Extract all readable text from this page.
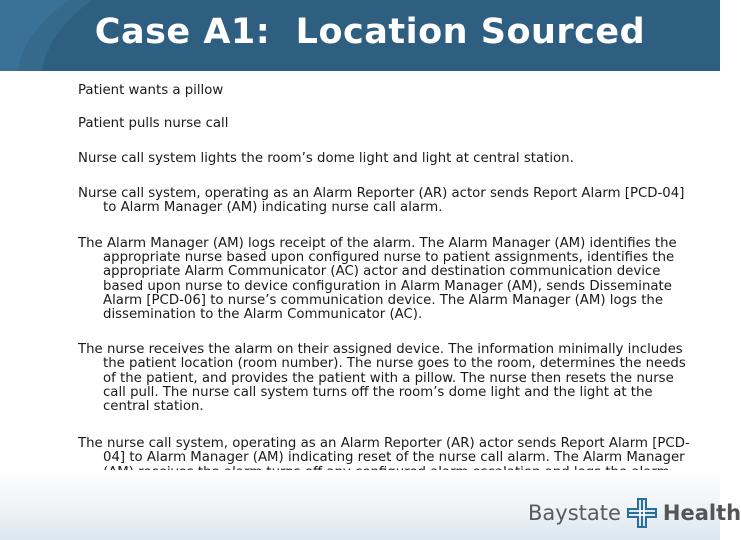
Case A1:  Location Sourced

Patient wants a pillow

Patient pulls nurse call

Nurse call system lights the room’s dome light and light at central station.

Nurse call system, operating as an Alarm Reporter (AR) actor sends Report Alarm [PCD-04] to Alarm Manager (AM) indicating nurse call alarm.

The Alarm Manager (AM) logs receipt of the alarm. The Alarm Manager (AM) identifies the appropriate nurse based upon configured nurse to patient assignments, identifies the appropriate Alarm Communicator (AC) actor and destination communication device based upon nurse to device configuration in Alarm Manager (AM), sends Disseminate Alarm [PCD-06] to nurse’s communication device. The Alarm Manager (AM) logs the dissemination to the Alarm Communicator (AC).

The nurse receives the alarm on their assigned device. The information minimally includes the patient location (room number). The nurse goes to the room, determines the needs of the patient, and provides the patient with a pillow. The nurse then resets the nurse call pull. The nurse call system turns off the room’s dome light and the light at the central station.

The nurse call system, operating as an Alarm Reporter (AR) actor sends Report Alarm [PCD-04] to Alarm Manager (AM) indicating reset of the nurse call alarm. The Alarm Manager

Baystate Health
